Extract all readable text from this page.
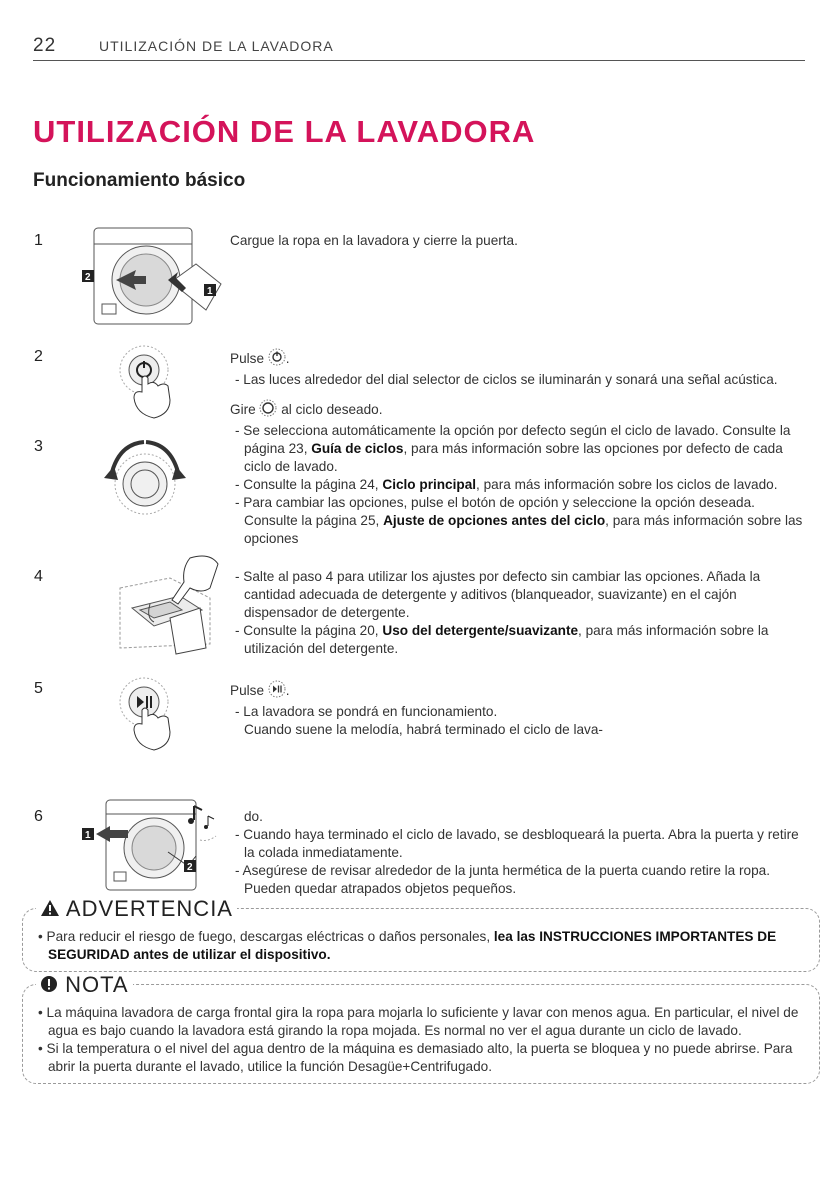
22	UTILIZACIÓN DE LA LAVADORA
UTILIZACIÓN DE LA LAVADORA
Funcionamiento básico
1
2
3
4
5
6
2
1
1
2

Cargue la ropa en la lavadora y cierre la puerta.

Pulse .

- Las luces alrededor del dial selector de ciclos se iluminarán y sonará una señal acústica.

Gire al ciclo deseado.

- Se selecciona automáticamente la opción por defecto según el ciclo de lavado. Consulte la página 23, Guía de ciclos, para más información sobre las opciones por defecto de cada ciclo de lavado.

- Consulte la página 24, Ciclo principal, para más información sobre los ciclos de lavado.

- Para cambiar las opciones, pulse el botón de opción y seleccione la opción deseada. Consulte la página 25, Ajuste de opciones antes del ciclo, para más información sobre las opciones

- Salte al paso 4 para utilizar los ajustes por defecto sin cambiar las opciones. Añada la cantidad adecuada de detergente y aditivos (blanqueador, suavizante) en el cajón dispensador de detergente.

- Consulte la página 20, Uso del detergente/suavizante, para más información sobre la utilización del detergente.

Pulse .

- La lavadora se pondrá en funcionamiento.

Cuando suene la melodía, habrá terminado el ciclo de lava-

do.

- Cuando haya terminado el ciclo de lavado, se desbloqueará la puerta. Abra la puerta y retire la colada inmediatamente.

- Asegúrese de revisar alrededor de la junta hermética de la puerta cuando retire la ropa. Pueden quedar atrapados objetos pequeños.

ADVERTENCIA

• Para reducir el riesgo de fuego, descargas eléctricas o daños personales, lea las INSTRUCCIONES IMPORTANTES DE SEGURIDAD antes de utilizar el dispositivo.

NOTA

• La máquina lavadora de carga frontal gira la ropa para mojarla lo suficiente y lavar con menos agua. En particular, el nivel de agua es bajo cuando la lavadora está girando la ropa mojada. Es normal no ver el agua durante un ciclo de lavado.

• Si la temperatura o el nivel del agua dentro de la máquina es demasiado alto, la puerta se bloquea y no puede abrirse. Para abrir la puerta durante el lavado, utilice la función Desagüe+Centrifugado.
